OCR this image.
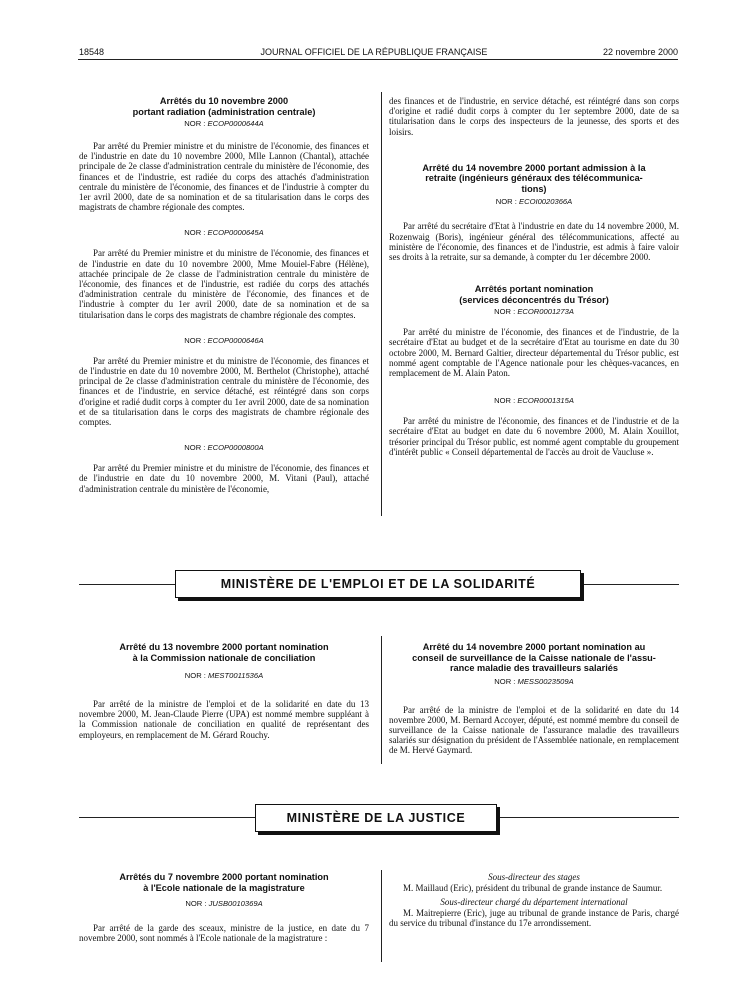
18548	JOURNAL OFFICIEL DE LA RÉPUBLIQUE FRANÇAISE	22 novembre 2000

Arrêtés du 10 novembre 2000

portant radiation (administration centrale)

NOR : ECOP0000644A

Par arrêté du Premier ministre et du ministre de l'économie, des finances et de l'industrie en date du 10 novembre 2000, Mlle Lannon (Chantal), attachée principale de 2e classe d'administration centrale du ministère de l'économie, des finances et de l'industrie, est radiée du corps des attachés d'administration centrale du ministère de l'économie, des finances et de l'industrie à compter du 1er avril 2000, date de sa nomination et de sa titularisation dans le corps des magistrats de chambre régionale des comptes.

NOR : ECOP0000645A

Par arrêté du Premier ministre et du ministre de l'économie, des finances et de l'industrie en date du 10 novembre 2000, Mme Mouiel-Fabre (Hélène), attachée principale de 2e classe de l'administration centrale du ministère de l'économie, des finances et de l'industrie, est radiée du corps des attachés d'administration centrale du ministère de l'économie, des finances et de l'industrie à compter du 1er avril 2000, date de sa nomination et de sa titularisation dans le corps des magistrats de chambre régionale des comptes.

NOR : ECOP0000646A

Par arrêté du Premier ministre et du ministre de l'économie, des finances et de l'industrie en date du 10 novembre 2000, M. Berthelot (Christophe), attaché principal de 2e classe d'administration centrale du ministère de l'économie, des finances et de l'industrie, en service détaché, est réintégré dans son corps d'origine et radié dudit corps à compter du 1er avril 2000, date de sa nomination et de sa titularisation dans le corps des magistrats de chambre régionale des comptes.

NOR : ECOP0000800A

Par arrêté du Premier ministre et du ministre de l'économie, des finances et de l'industrie en date du 10 novembre 2000, M. Vitani (Paul), attaché d'administration centrale du ministère de l'économie,

des finances et de l'industrie, en service détaché, est réintégré dans son corps d'origine et radié dudit corps à compter du 1er septembre 2000, date de sa titularisation dans le corps des inspecteurs de la jeunesse, des sports et des loisirs.

Arrêté du 14 novembre 2000 portant admission à la

retraite (ingénieurs généraux des télécommunica-

tions)

NOR : ECOI0020366A

Par arrêté du secrétaire d'Etat à l'industrie en date du 14 novembre 2000, M. Rozenwaig (Boris), ingénieur général des télécommunications, affecté au ministère de l'économie, des finances et de l'industrie, est admis à faire valoir ses droits à la retraite, sur sa demande, à compter du 1er décembre 2000.

Arrêtés portant nomination

(services déconcentrés du Trésor)

NOR : ECOR0001273A

Par arrêté du ministre de l'économie, des finances et de l'industrie, de la secrétaire d'Etat au budget et de la secrétaire d'Etat au tourisme en date du 30 octobre 2000, M. Bernard Galtier, directeur départemental du Trésor public, est nommé agent comptable de l'Agence nationale pour les chèques-vacances, en remplacement de M. Alain Paton.

NOR : ECOR0001315A

Par arrêté du ministre de l'économie, des finances et de l'industrie et de la secrétaire d'Etat au budget en date du 6 novembre 2000, M. Alain Xouillot, trésorier principal du Trésor public, est nommé agent comptable du groupement d'intérêt public « Conseil départemental de l'accès au droit de Vaucluse ».

MINISTÈRE DE L'EMPLOI ET DE LA SOLIDARITÉ

Arrêté du 13 novembre 2000 portant nomination

à la Commission nationale de conciliation

NOR : MEST0011536A

Par arrêté de la ministre de l'emploi et de la solidarité en date du 13 novembre 2000, M. Jean-Claude Pierre (UPA) est nommé membre suppléant à la Commission nationale de conciliation en qualité de représentant des employeurs, en remplacement de M. Gérard Rouchy.

Arrêté du 14 novembre 2000 portant nomination au

conseil de surveillance de la Caisse nationale de l'assu-

rance maladie des travailleurs salariés

NOR : MESS0023509A

Par arrêté de la ministre de l'emploi et de la solidarité en date du 14 novembre 2000, M. Bernard Accoyer, député, est nommé membre du conseil de surveillance de la Caisse nationale de l'assurance maladie des travailleurs salariés sur désignation du président de l'Assemblée nationale, en remplacement de M. Hervé Gaymard.

MINISTÈRE DE LA JUSTICE

Arrêtés du 7 novembre 2000 portant nomination

à l'Ecole nationale de la magistrature

NOR : JUSB0010369A

Par arrêté de la garde des sceaux, ministre de la justice, en date du 7 novembre 2000, sont nommés à l'Ecole nationale de la magistrature :

Sous-directeur des stages

M. Maillaud (Eric), président du tribunal de grande instance de Saumur.

Sous-directeur chargé du département international

M. Maitrepierre (Eric), juge au tribunal de grande instance de Paris, chargé du service du tribunal d'instance du 17e arrondissement.
